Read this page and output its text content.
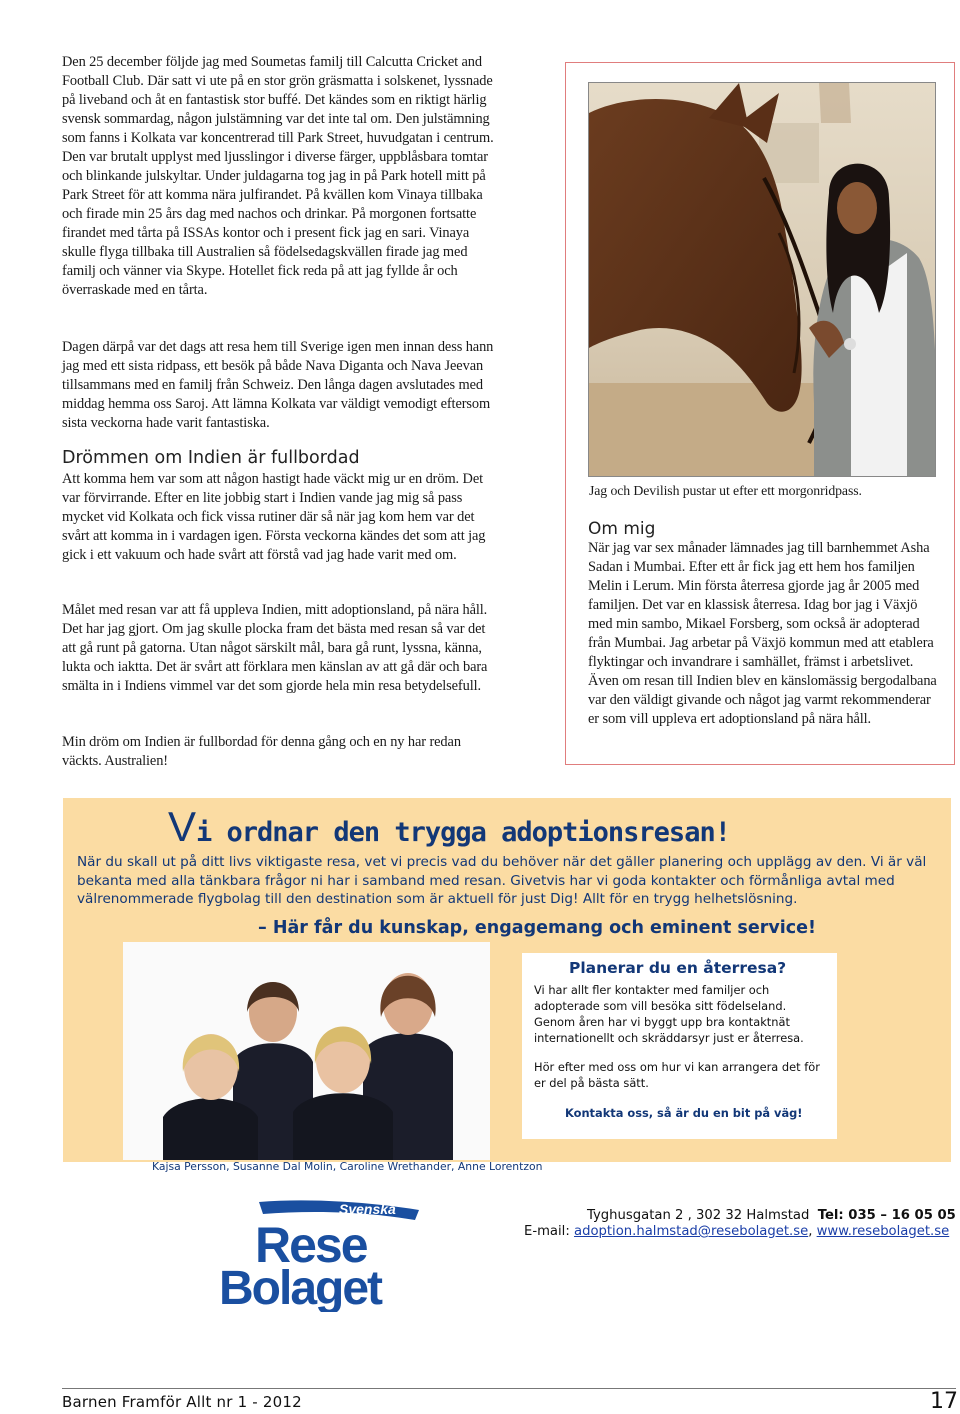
Den 25 december följde jag med Soumetas familj till Calcutta Cricket and Football Club. Där satt vi ute på en stor grön gräsmatta i solskenet, lyssnade på liveband och åt en fantastisk stor buffé. Det kändes som en riktigt härlig svensk sommardag, någon julstämning var det inte tal om. Den julstämning som fanns i Kolkata var koncentrerad till Park Street, huvudgatan i centrum. Den var brutalt upplyst med ljusslingor i diverse färger, uppblåsbara tomtar och blinkande julskyltar. Under juldagarna tog jag in på Park hotell mitt på Park Street för att komma nära julfirandet. På kvällen kom Vinaya tillbaka och firade min 25 års dag med nachos och drinkar. På morgonen fortsatte firandet med tårta på ISSAs kontor och i present fick jag en sari. Vinaya skulle flyga tillbaka till Australien så födelsedagskvällen firade jag med familj och vänner via Skype. Hotellet fick reda på att jag fyllde år och överraskade med en tårta.

Dagen därpå var det dags att resa hem till Sverige igen men innan dess hann jag med ett sista ridpass, ett besök på både Nava Diganta och Nava Jeevan tillsammans med en familj från Schweiz. Den långa dagen avslutades med middag hemma oss Saroj. Att lämna Kolkata var väldigt vemodigt eftersom sista veckorna hade varit fantastiska.

Drömmen om Indien är fullbordad

Att komma hem var som att någon hastigt hade väckt mig ur en dröm. Det var förvirrande. Efter en lite jobbig start i Indien vande jag mig så pass mycket vid Kolkata och fick vissa rutiner där så när jag kom hem var det svårt att komma in i vardagen igen. Första veckorna kändes det som att jag gick i ett vakuum och hade svårt att förstå vad jag hade varit med om.

Målet med resan var att få uppleva Indien, mitt adoptionsland, på nära håll. Det har jag gjort. Om jag skulle plocka fram det bästa med resan så var det att gå runt på gatorna. Utan något särskilt mål, bara gå runt, lyssna, känna, lukta och iaktta. Det är svårt att förklara men känslan av att gå där och bara smälta in i Indiens vimmel var det som gjorde hela min resa betydelsefull.

Min dröm om Indien är fullbordad för denna gång och en ny har redan väckts. Australien!

Jag och Devilish pustar ut efter ett morgonridpass.
Om mig

När jag var sex månader lämnades jag till barnhemmet Asha Sadan i Mumbai. Efter ett år fick jag ett hem hos familjen Melin i Lerum. Min första återresa gjorde jag år 2005 med familjen. Det var en klassisk återresa. Idag bor jag i Växjö med min sambo, Mikael Forsberg, som också är adopterad från Mumbai. Jag arbetar på Växjö kommun med att etablera flyktingar och invandrare i samhället, främst i arbetslivet. Även om resan till Indien blev en känslomässig bergodalbana var den väldigt givande och något jag varmt rekommenderar er som vill uppleva ert adoptionsland på nära håll.

Vi ordnar den trygga adoptionsresan!

När du skall ut på ditt livs viktigaste resa, vet vi precis vad du behöver när det gäller planering och upplägg av den. Vi är väl bekanta med alla tänkbara frågor ni har i samband med resan. Givetvis har vi goda kontakter och förmånliga avtal med välrenommerade flygbolag till den destination som är aktuell för just Dig! Allt för en trygg helhetslösning.

– Här får du kunskap, engagemang och eminent service!
Kajsa Persson, Susanne Dal Molin, Caroline Wrethander, Anne Lorentzon
Planerar du en återresa?

Vi har allt fler kontakter med familjer och adopterade som vill besöka sitt födelseland. Genom åren har vi byggt upp bra kontaktnät internationellt och skräddarsyr just er återresa.

Hör efter med oss om hur vi kan arrangera det för er del på bästa sätt.

Kontakta oss, så är du en bit på väg!
Svenska
Rese
Bolaget
Tyghusgatan 2 , 302 32 Halmstad Tel: 035 – 16 05 05
E-mail: adoption.halmstad@resebolaget.se, www.resebolaget.se
Barnen Framför Allt nr 1 - 2012	17
